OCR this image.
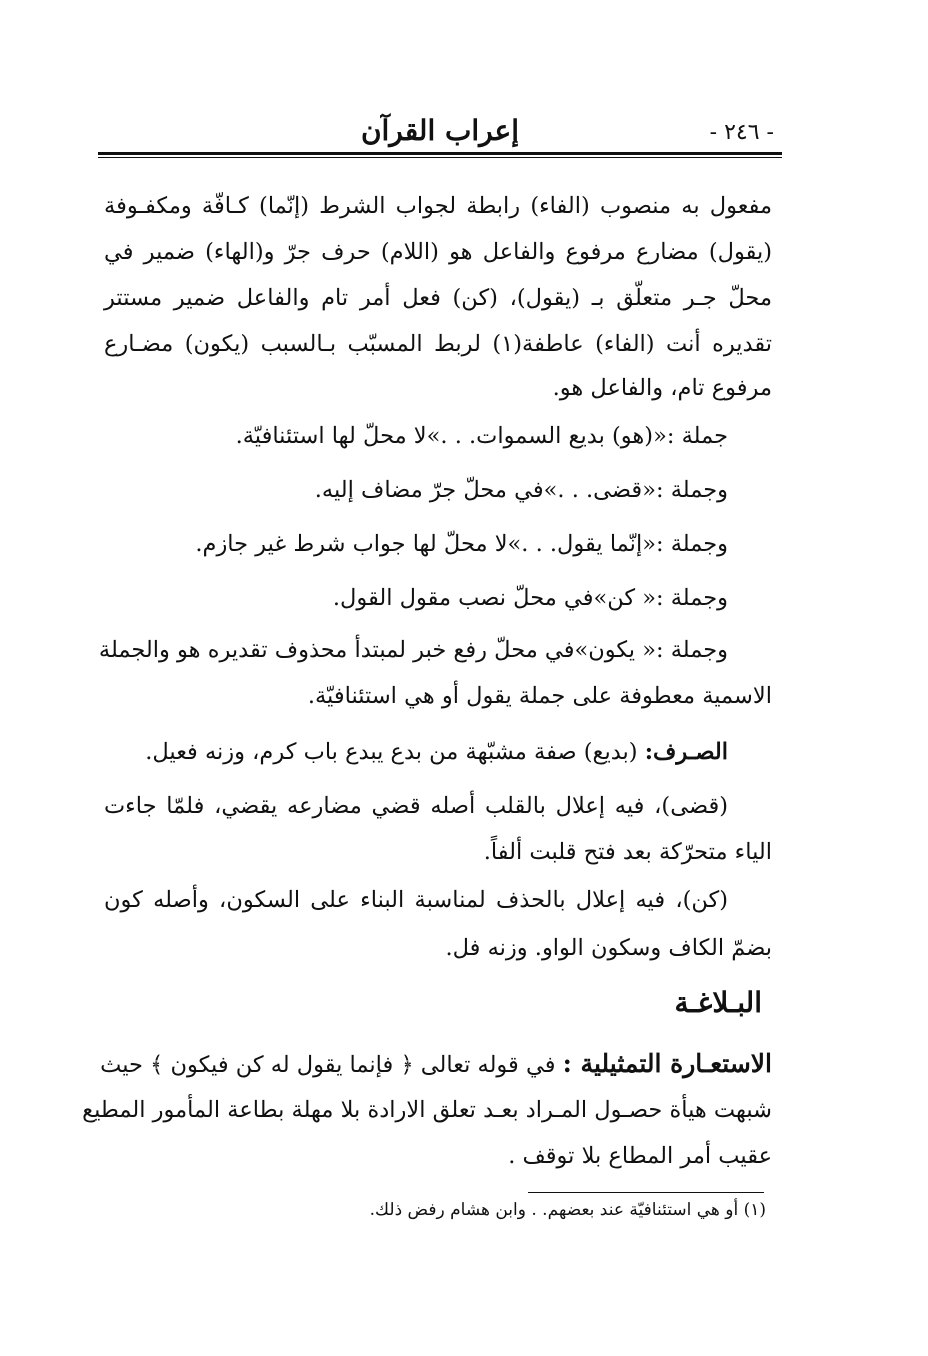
إعراب القرآن	- ٢٤٦ -
مفعول به منصوب (الفاء) رابطة لجواب الشرط (إنّما) كـافّة ومكفـوفة
(يقول) مضارع مرفوع والفاعل هو (اللام) حرف جرّ و(الهاء) ضمير في
محلّ جـر متعلّق بـ (يقول)، (كن) فعل أمر تام والفاعل ضمير مستتر
تقديره أنت (الفاء) عاطفة(١) لربط المسبّب بـالسبب (يكون) مضـارع
مرفوع تام، والفاعل هو.
جملة :«(هو) بديع السموات. . .»لا محلّ لها استئنافيّة.
وجملة :«قضى. . .»في محلّ جرّ مضاف إليه.
وجملة :«إنّما يقول. . .»لا محلّ لها جواب شرط غير جازم.
وجملة :« كن»في محلّ نصب مقول القول.
وجملة :« يكون»في محلّ رفع خبر لمبتدأ محذوف تقديره هو والجملة
الاسمية معطوفة على جملة يقول أو هي استئنافيّة.
الصـرف: (بديع) صفة مشبّهة من بدع يبدع باب كرم، وزنه فعيل.
(قضى)، فيه إعلال بالقلب أصله قضي مضارعه يقضي، فلمّا جاءت
الياء متحرّكة بعد فتح قلبت ألفاً.
(كن)، فيه إعلال بالحذف لمناسبة البناء على السكون، وأصله كون
بضمّ الكاف وسكون الواو. وزنه فل.
البـلاغـة
الاستعـارة التمثيلية : في قوله تعالى ﴿ فإنما يقول له كن فيكون ﴾ حيث
شبهت هيأة حصـول المـراد بعـد تعلق الارادة بلا مهلة بطاعة المأمور المطيع
عقيب أمر المطاع بلا توقف .
(١) أو هي استئنافيّة عند بعضهم. . وابن هشام رفض ذلك.
